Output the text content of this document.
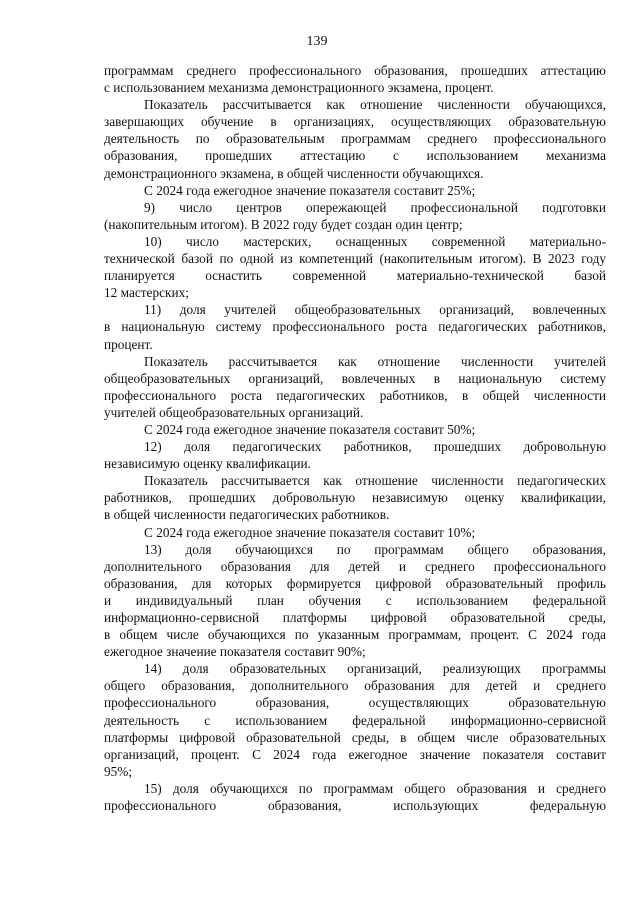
139
программам среднего профессионального образования, прошедших аттестацию
с использованием механизма демонстрационного экзамена, процент.
Показатель рассчитывается как отношение численности обучающихся,
завершающих обучение в организациях, осуществляющих образовательную
деятельность по образовательным программам среднего профессионального
образования, прошедших аттестацию с использованием механизма
демонстрационного экзамена, в общей численности обучающихся.
С 2024 года ежегодное значение показателя составит 25%;
9) число центров опережающей профессиональной подготовки
(накопительным итогом). В 2022 году будет создан один центр;
10) число мастерских, оснащенных современной материально-
технической базой по одной из компетенций (накопительным итогом). В 2023 году
планируется оснастить современной материально-технической базой
12 мастерских;
11) доля учителей общеобразовательных организаций, вовлеченных
в национальную систему профессионального роста педагогических работников,
процент.
Показатель рассчитывается как отношение численности учителей
общеобразовательных организаций, вовлеченных в национальную систему
профессионального роста педагогических работников, в общей численности
учителей общеобразовательных организаций.
С 2024 года ежегодное значение показателя составит 50%;
12) доля педагогических работников, прошедших добровольную
независимую оценку квалификации.
Показатель рассчитывается как отношение численности педагогических
работников, прошедших добровольную независимую оценку квалификации,
в общей численности педагогических работников.
С 2024 года ежегодное значение показателя составит 10%;
13) доля обучающихся по программам общего образования,
дополнительного образования для детей и среднего профессионального
образования, для которых формируется цифровой образовательный профиль
и индивидуальный план обучения с использованием федеральной
информационно-сервисной платформы цифровой образовательной среды,
в общем числе обучающихся по указанным программам, процент. С 2024 года
ежегодное значение показателя составит 90%;
14) доля образовательных организаций, реализующих программы
общего образования, дополнительного образования для детей и среднего
профессионального образования, осуществляющих образовательную
деятельность с использованием федеральной информационно-сервисной
платформы цифровой образовательной среды, в общем числе образовательных
организаций, процент. С 2024 года ежегодное значение показателя составит
95%;
15) доля обучающихся по программам общего образования и среднего
профессионального образования, использующих федеральную
